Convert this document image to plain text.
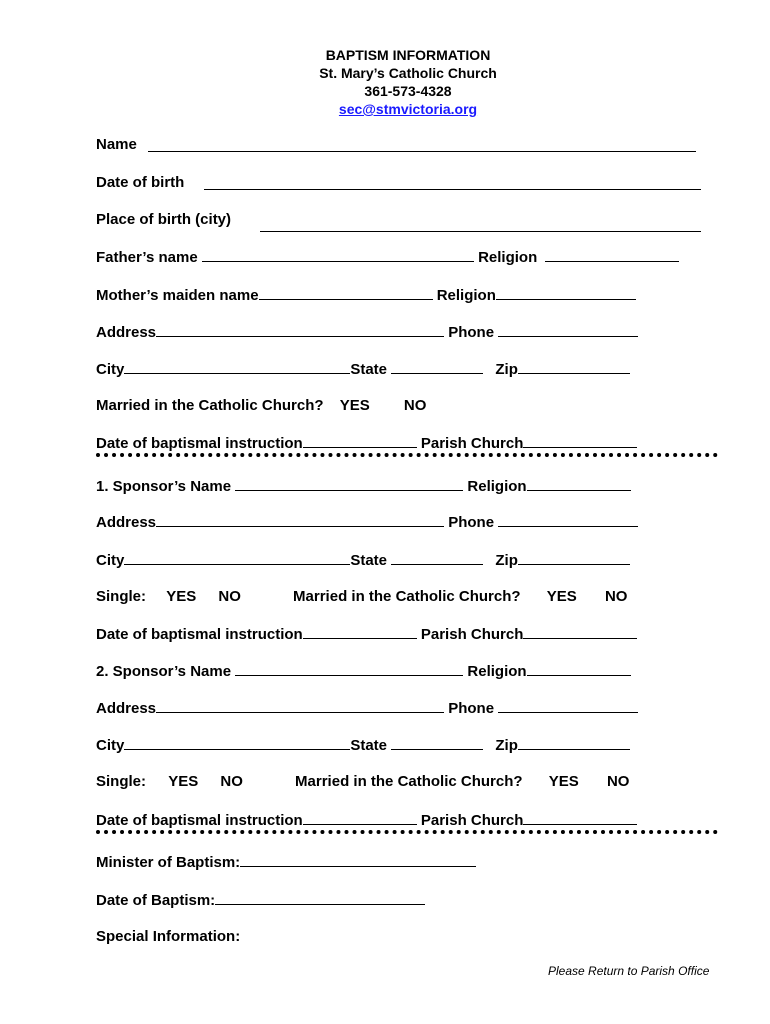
BAPTISM INFORMATION
St. Mary’s Catholic Church
361-573-4328
sec@stmvictoria.org
Name
Date of birth
Place of birth (city)
Father’s name	Religion
Mother’s maiden name	Religion
Address	Phone
City	State	Zip
Married in the Catholic Church? YES NO
Date of baptismal instruction	Parish Church
1. Sponsor’s Name	Religion
Address	Phone
City	State	Zip
Single: YES NO	Married in the Catholic Church? YES NO
Date of baptismal instruction	Parish Church
2. Sponsor’s Name	Religion
Address	Phone
City	State	Zip
Single: YES NO	Married in the Catholic Church? YES NO
Date of baptismal instruction	Parish Church
Minister of Baptism:
Date of Baptism:
Special Information:
Please Return to Parish Office
